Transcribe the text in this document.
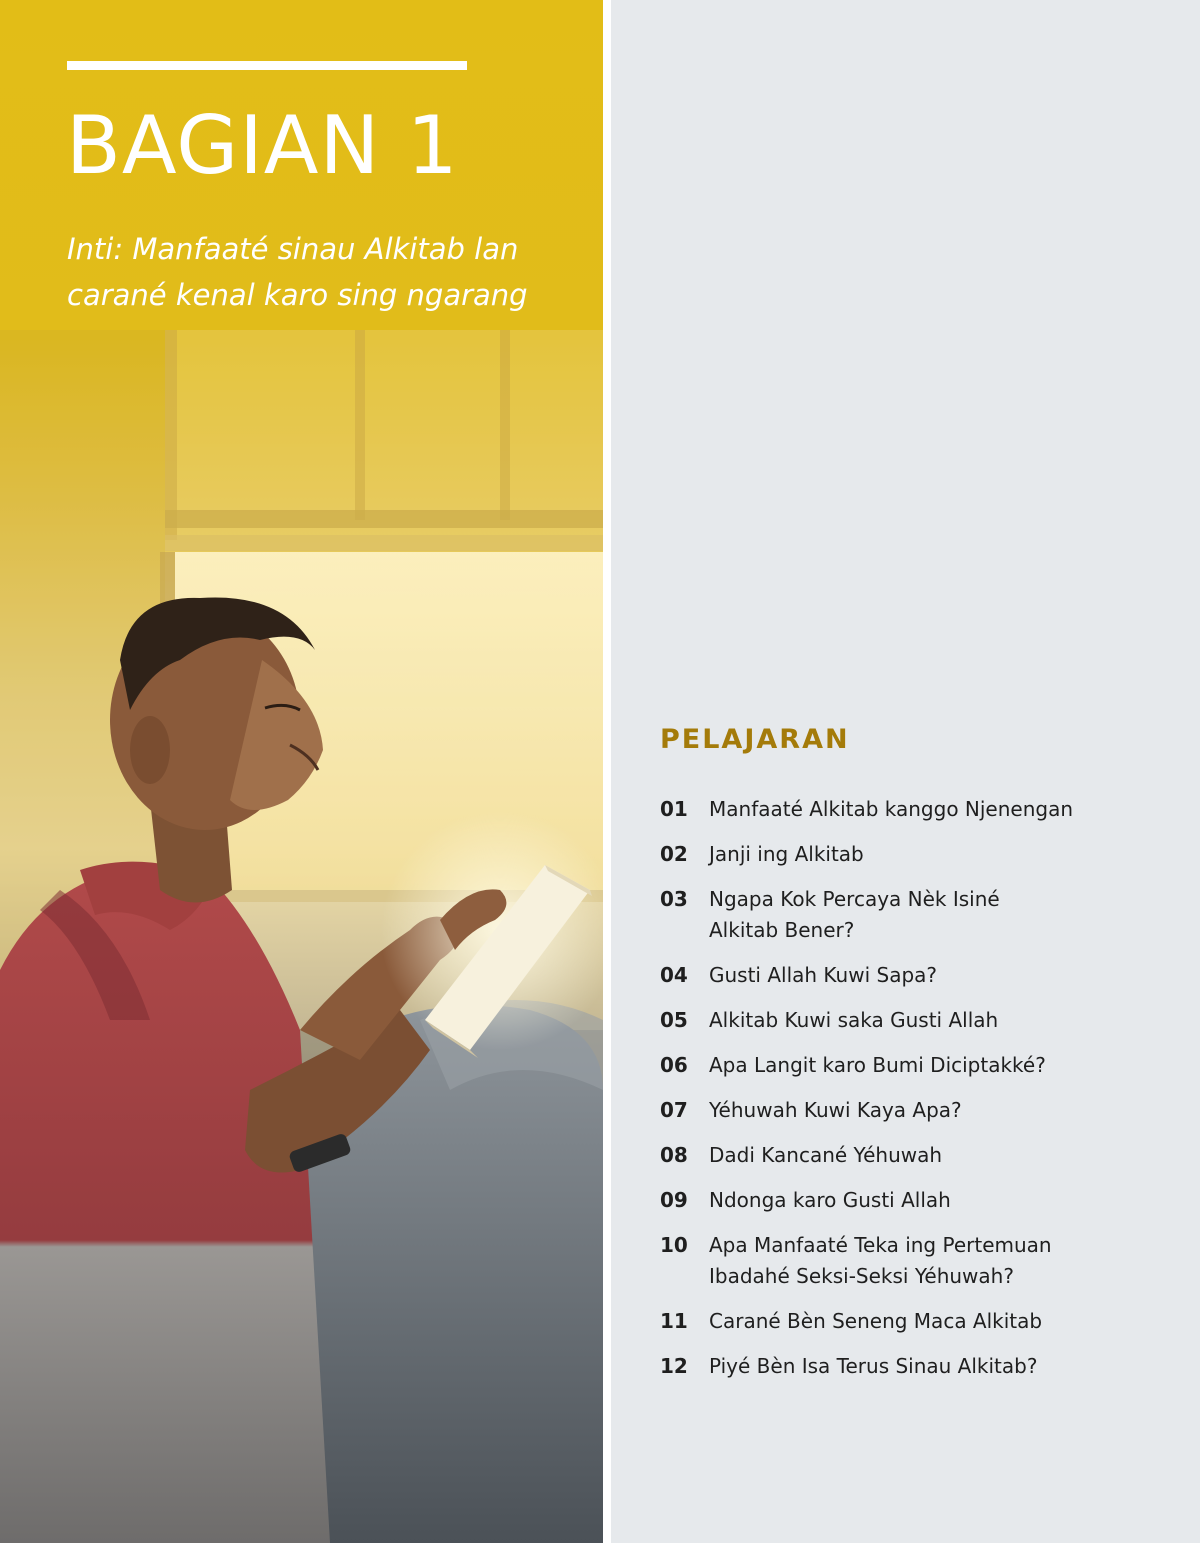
BAGIAN 1
Inti: Manfaaté sinau Alkitab lan carané kenal karo sing ngarang
PELAJARAN
01 Manfaaté Alkitab kanggo Njenengan
02 Janji ing Alkitab
03 Ngapa Kok Percaya Nèk Isiné Alkitab Bener?
04 Gusti Allah Kuwi Sapa?
05 Alkitab Kuwi saka Gusti Allah
06 Apa Langit karo Bumi Diciptakké?
07 Yéhuwah Kuwi Kaya Apa?
08 Dadi Kancané Yéhuwah
09 Ndonga karo Gusti Allah
10 Apa Manfaaté Teka ing Pertemuan Ibadahé Seksi-Seksi Yéhuwah?
11 Carané Bèn Seneng Maca Alkitab
12 Piyé Bèn Isa Terus Sinau Alkitab?
